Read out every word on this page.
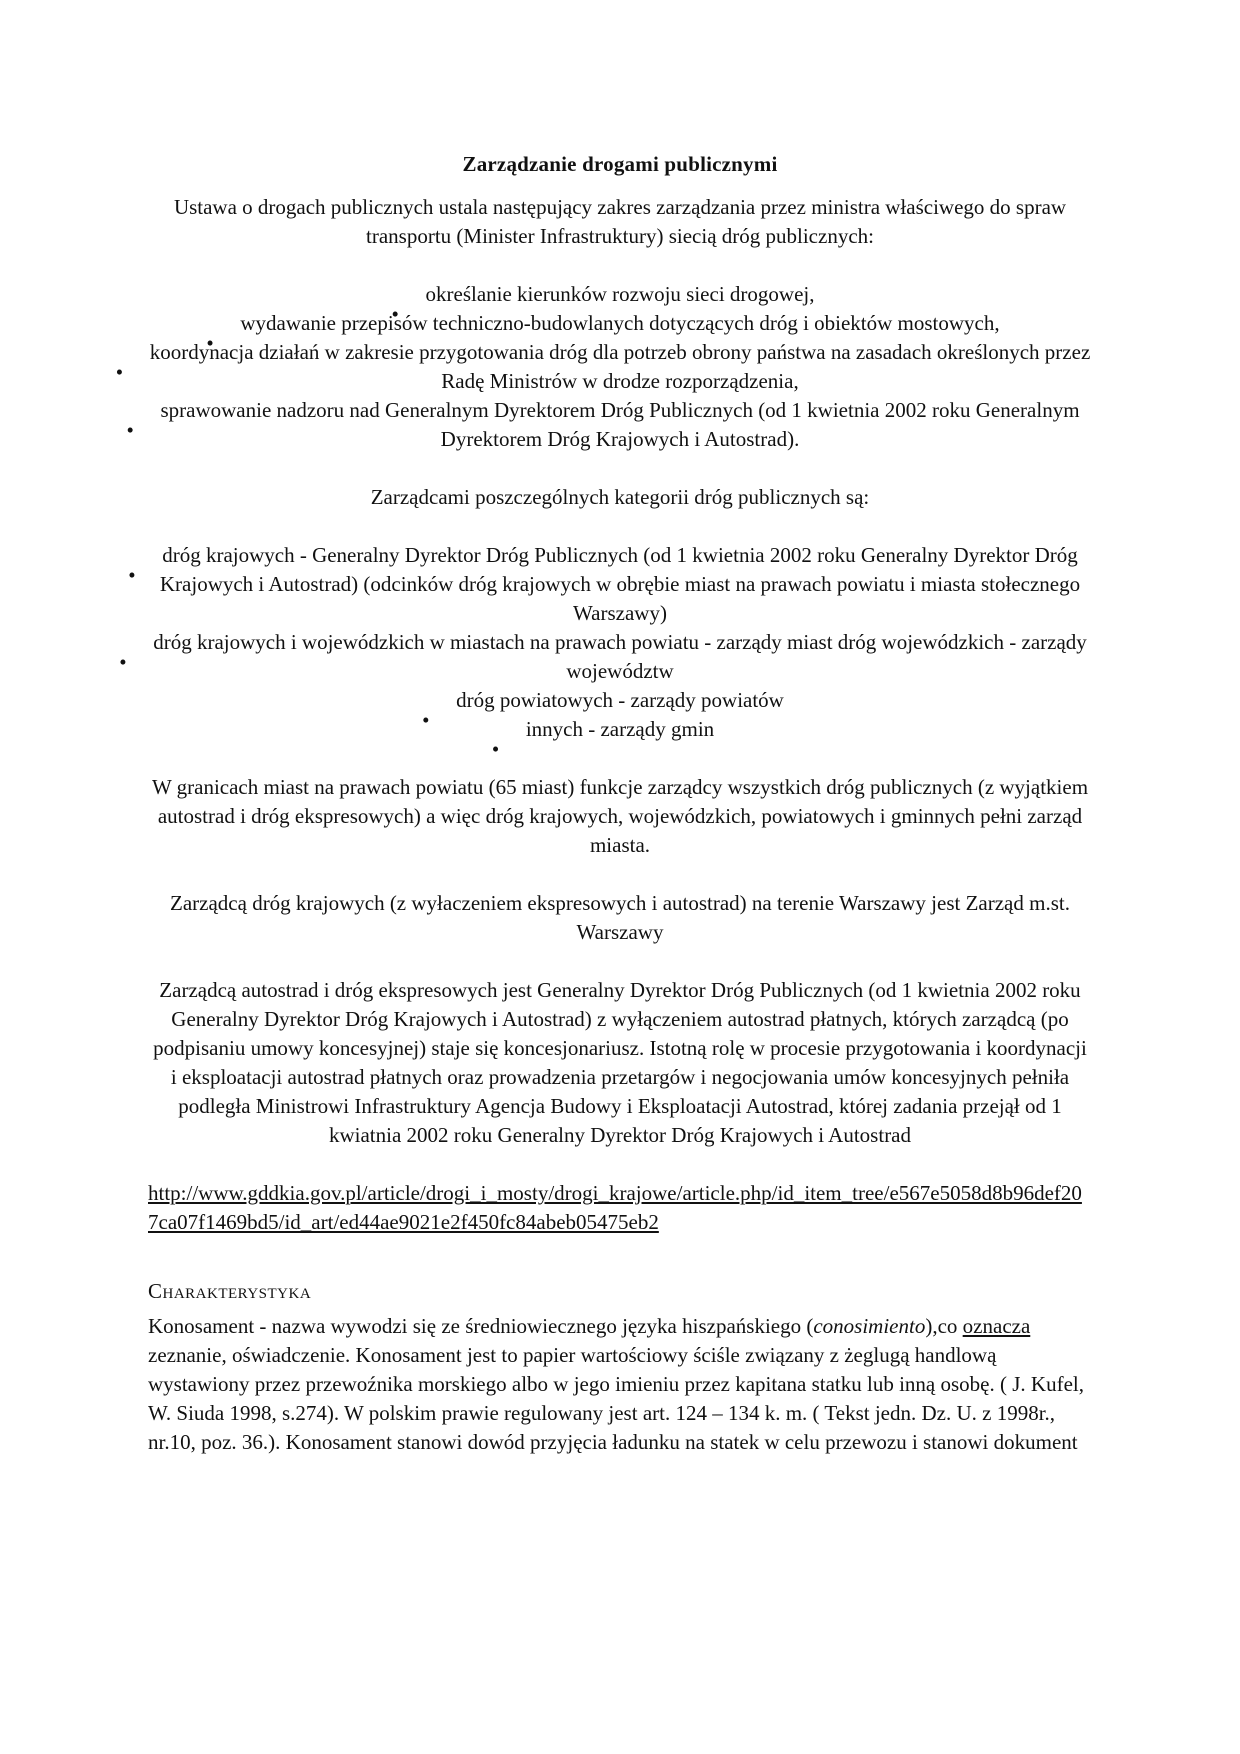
Zarządzanie drogami publicznymi

Ustawa o drogach publicznych ustala następujący zakres zarządzania przez ministra właściwego do spraw transportu (Minister Infrastruktury) siecią dróg publicznych:

określanie kierunków rozwoju sieci drogowej,
wydawanie przepisów techniczno-budowlanych dotyczących dróg i obiektów mostowych,
koordynacja działań w zakresie przygotowania dróg dla potrzeb obrony państwa na zasadach określonych przez Radę Ministrów w drodze rozporządzenia,
sprawowanie nadzoru nad Generalnym Dyrektorem Dróg Publicznych (od 1 kwietnia 2002 roku Generalnym Dyrektorem Dróg Krajowych i Autostrad).

Zarządcami poszczególnych kategorii dróg publicznych są:

dróg krajowych - Generalny Dyrektor Dróg Publicznych (od 1 kwietnia 2002 roku Generalny Dyrektor Dróg Krajowych i Autostrad) (odcinków dróg krajowych w obrębie miast na prawach powiatu i miasta stołecznego Warszawy)
dróg krajowych i wojewódzkich w miastach na prawach powiatu - zarządy miast dróg wojewódzkich - zarządy województw
dróg powiatowych - zarządy powiatów
innych - zarządy gmin

W granicach miast na prawach powiatu (65 miast) funkcje zarządcy wszystkich dróg publicznych (z wyjątkiem autostrad i dróg ekspresowych) a więc dróg krajowych, wojewódzkich, powiatowych i gminnych pełni zarząd miasta.

Zarządcą dróg krajowych (z wyłaczeniem ekspresowych i autostrad) na terenie Warszawy jest Zarząd m.st. Warszawy

Zarządcą autostrad i dróg ekspresowych jest Generalny Dyrektor Dróg Publicznych (od 1 kwietnia 2002 roku Generalny Dyrektor Dróg Krajowych i Autostrad) z wyłączeniem autostrad płatnych, których zarządcą (po podpisaniu umowy koncesyjnej) staje się koncesjonariusz. Istotną rolę w procesie przygotowania i koordynacji i eksploatacji autostrad płatnych oraz prowadzenia przetargów i negocjowania umów koncesyjnych pełniła podległa Ministrowi Infrastruktury Agencja Budowy i Eksploatacji Autostrad, której zadania przejął od 1 kwiatnia 2002 roku Generalny Dyrektor Dróg Krajowych i Autostrad

http://www.gddkia.gov.pl/article/drogi_i_mosty/drogi_krajowe/article.php/id_item_tree/e567e5058d8b96def207ca07f1469bd5/id_art/ed44ae9021e2f450fc84abeb05475eb2

Charakterystyka

Konosament - nazwa wywodzi się ze średniowiecznego języka hiszpańskiego (conosimiento),co oznacza zeznanie, oświadczenie. Konosament jest to papier wartościowy ściśle związany z żeglugą handlową wystawiony przez przewoźnika morskiego albo w jego imieniu przez kapitana statku lub inną osobę. ( J. Kufel, W. Siuda 1998, s.274). W polskim prawie regulowany jest art. 124 – 134 k. m. ( Tekst jedn. Dz. U. z 1998r., nr.10, poz. 36.). Konosament stanowi dowód przyjęcia ładunku na statek w celu przewozu i stanowi dokument
